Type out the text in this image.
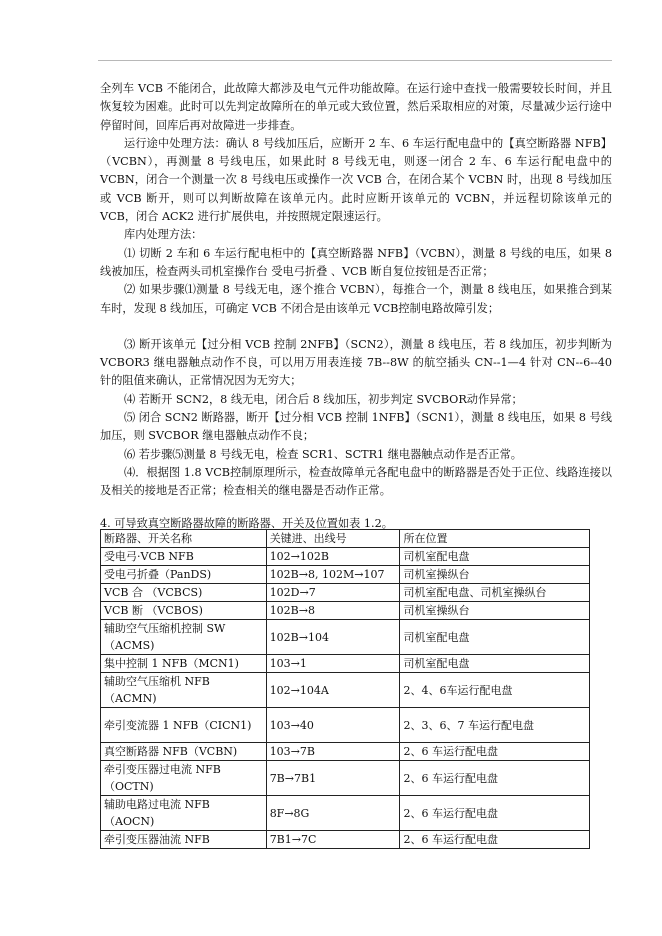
全列车 VCB 不能闭合，此故障大都涉及电气元件功能故障。在运行途中查找一般需要较长时间，并且恢复较为困难。此时可以先判定故障所在的单元或大致位置，然后采取相应的对策，尽量减少运行途中停留时间，回库后再对故障进一步排查。

运行途中处理方法：确认 8 号线加压后，应断开 2 车、6 车运行配电盘中的【真空断路器 NFB】（VCBN），再测量 8 号线电压，如果此时 8 号线无电，则逐一闭合 2 车、6 车运行配电盘中的 VCBN，闭合一个测量一次 8 号线电压或操作一次 VCB 合，在闭合某个 VCBN 时，出现 8 号线加压或 VCB 断开，则可以判断故障在该单元内。此时应断开该单元的 VCBN，并远程切除该单元的 VCB，闭合 ACK2 进行扩展供电，并按照规定限速运行。

库内处理方法：

⑴ 切断 2 车和 6 车运行配电柜中的【真空断路器 NFB】（VCBN），测量 8 号线的电压，如果 8 线被加压，检查两头司机室操作台 受电弓折叠 、VCB 断自复位按钮是否正常；

⑵ 如果步骤⑴测量 8 号线无电，逐个推合 VCBN），每推合一个，测量 8 线电压，如果推合到某车时，发现 8 线加压，可确定 VCB 不闭合是由该单元 VCB控制电路故障引发；

⑶ 断开该单元【过分相 VCB 控制 2NFB】（SCN2），测量 8 线电压，若 8 线加压，初步判断为 VCBOR3 继电器触点动作不良，可以用万用表连接 7B--8W 的航空插头 CN--1—4 针对 CN--6--40 针的阻值来确认，正常情况因为无穷大；

⑷ 若断开 SCN2，8 线无电，闭合后 8 线加压，初步判定 SVCBOR动作异常；

⑸ 闭合 SCN2 断路器，断开【过分相 VCB 控制 1NFB】（SCN1），测量 8 线电压，如果 8 号线加压，则 SVCBOR 继电器触点动作不良；

⑹ 若步骤⑸测量 8 号线无电，检查 SCR1、SCTR1 继电器触点动作是否正常。

⑷．根据图 1.8 VCB控制原理所示，检查故障单元各配电盘中的断路器是否处于正位、线路连接以及相关的接地是否正常；检查相关的继电器是否动作正常。

4. 可导致真空断路器故障的断路器、开关及位置如表 1.2。

断路器、开关名称	关键进、出线号	所在位置
受电弓·VCB NFB	102→102B	司机室配电盘
受电弓折叠（PanDS)	102B→8, 102M→107	司机室操纵台
VCB 合 （VCBCS)	102D→7	司机室配电盘、司机室操纵台
VCB 断 （VCBOS)	102B→8	司机室操纵台
辅助空气压缩机控制 SW（ACMS)	102B→104	司机室配电盘
集中控制 1 NFB（MCN1)	103→1	司机室配电盘
辅助空气压缩机 NFB （ACMN)	102→104A	2、4、6车运行配电盘
牵引变流器 1 NFB（CICN1)	103→40	2、3、6、7 车运行配电盘
真空断路器 NFB（VCBN)	103→7B	2、6 车运行配电盘
牵引变压器过电流 NFB （OCTN)	7B→7B1	2、6 车运行配电盘
辅助电路过电流 NFB （AOCN)	8F→8G	2、6 车运行配电盘
牵引变压器油流 NFB	7B1→7C	2、6 车运行配电盘
